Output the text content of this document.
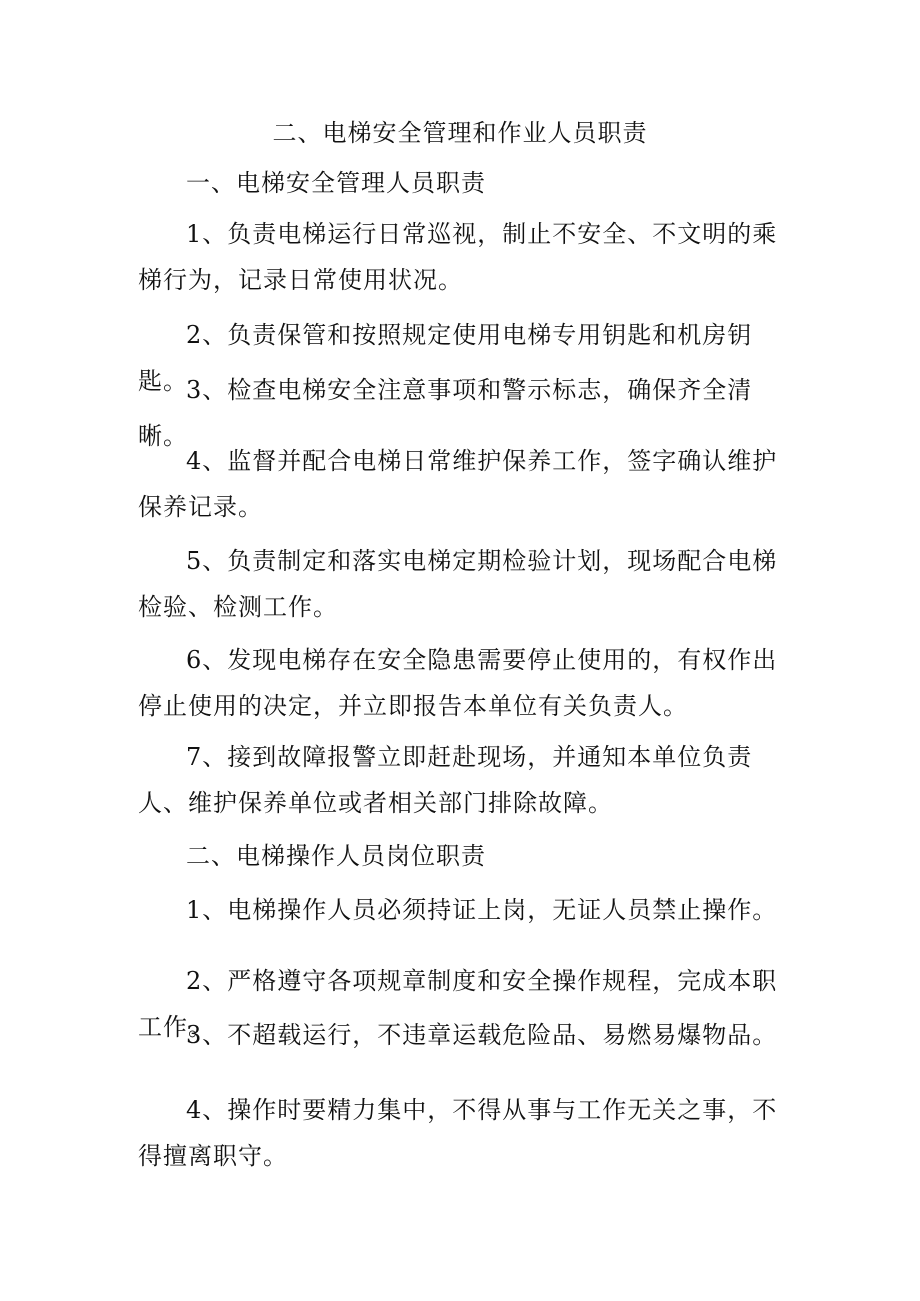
二、电梯安全管理和作业人员职责
一、电梯安全管理人员职责
1、负责电梯运行日常巡视，制止不安全、不文明的乘梯行为，记录日常使用状况。
2、负责保管和按照规定使用电梯专用钥匙和机房钥匙。
3、检查电梯安全注意事项和警示标志，确保齐全清晰。
4、监督并配合电梯日常维护保养工作，签字确认维护保养记录。
5、负责制定和落实电梯定期检验计划，现场配合电梯检验、检测工作。
6、发现电梯存在安全隐患需要停止使用的，有权作出停止使用的决定，并立即报告本单位有关负责人。
7、接到故障报警立即赶赴现场，并通知本单位负责人、维护保养单位或者相关部门排除故障。
二、电梯操作人员岗位职责
1、电梯操作人员必须持证上岗，无证人员禁止操作。
2、严格遵守各项规章制度和安全操作规程，完成本职工作。
3、不超载运行，不违章运载危险品、易燃易爆物品。
4、操作时要精力集中，不得从事与工作无关之事，不得擅离职守。
